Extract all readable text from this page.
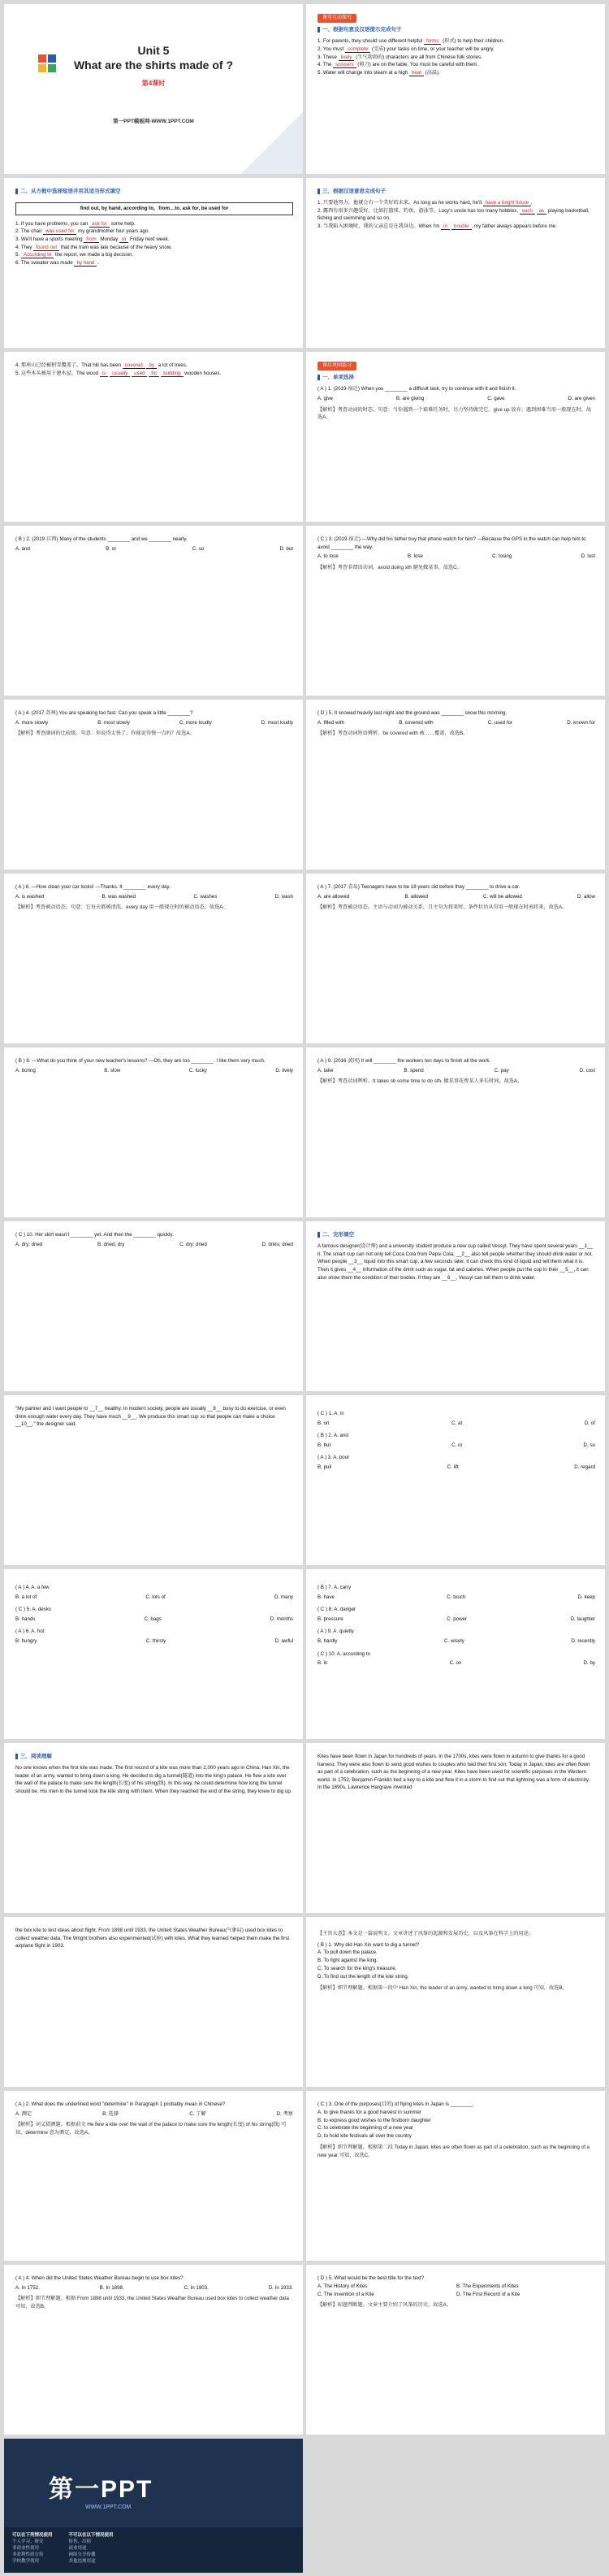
Unit 5
What are the shirts made of ?
第4课时
第一PPT模板网-WWW.1PPT.COM
课堂互动探究
一、根据句意及汉语提示完成句子
1. For parents, they should use different helpful forms (形式) to help their children.
2. You must complete (完成) your tasks on time, or your teacher will be angry.
3. These lively (生气勃勃的) characters are all from Chinese folk stories.
4. The scissors (剪刀) are on the table. You must be careful with them.
5. Water will change into steam at a high heat (高温).
二、从方框中选择短语并用其适当形式填空
find out, by hand, according to，from…to, ask for, be used for
1. If you have problems, you can ask for some help.
2. The chair was used for my grandmother four years ago.
3. We'll have a sports meeting from Monday to Friday next week.
4. They found out that the train was late because of the heavy snow.
5. According to the report, we made a big decision.
6. The sweater was made by hand .
三、根据汉语意思完成句子
1. 只要他努力，他就会有一个美好的未来。As long as he works hard, he'll have a bright future .
2. 露西有很多兴趣爱好，比如打篮球、钓鱼、游泳等。Lucy's uncle has too many hobbies, such as playing basketball, fishing and swimming and so on.
3. 当我陷入困境时，我的父亲总是在我身边。When I'm in trouble , my father always appears before me.
4. 那座山已经被积雪覆盖了。That hill has been covered by a lot of trees.
5. 这些木头被用于建木屋。The wood is usually used for building wooden houses.
课后巩固练习
一、单项选择
( A ) 1. (2019·宿迁) When you ________ a difficult task, try to continue with it and finish it.
A. give	B. are giving	C. gave	D. are given
【解析】考查动词的时态。句意：当你遇到一个艰难任务时，尽力坚持做完它。give up 放弃；遇到困难当用一般现在时，故选A。
( B ) 2. (2019·江西) Many of the students ________ and we ________ nearly.
A. and	B. or	C. so	D. but
( C ) 3. (2019·宿迁) —Why did his father buy that phone watch for him? —Because the GPS in the watch can help him to avoid ________ the way.
A. to lose	B. lose	C. losing	D. lost
【解析】考查非谓语动词。avoid doing sth 避免做某事，故选C。
( A ) 4. (2017·苏州) You are speaking too fast. Can you speak a little ________?
A. more slowly	B. most slowly	C. more loudly	D. most loudly
【解析】考查副词的比较级。句意：你说得太快了，你能说得慢一点吗？故选A。
( D ) 5. It snowed heavily last night and the ground was ________ snow this morning.
A. filled with	B. covered with	C. used for	D. known for
【解析】考查动词短语辨析。be covered with 被……覆盖，故选B。
( A ) 6. —How clean your car looks! —Thanks. It ________ every day.
A. is washed	B. was washed	C. washes	D. wash
【解析】考查被动语态。句意：它每天都被清洗。every day 用一般现在时的被动语态，故选A。
( A ) 7. (2017·青岛) Teenagers have to be 18 years old before they ________ to drive a car.
A. are allowed	B. allowed	C. will be allowed	D. allow
【解析】考查被动语态。主语与动词为被动关系，且主句为将来时，条件状语从句用一般现在时表将来，故选A。
( B ) 8. —What do you think of your new teacher's lessons? —Oh, they are too ________. I like them very much.
A. boring	B. slow	C. lucky	D. lively
( A ) 9. (2016·黄冈) It will ________ the workers ten days to finish all the work.
A. take	B. spend	C. pay	D. cost
【解析】考查动词辨析。It takes sb some time to do sth. 做某事花费某人多长时间，故选A。
( C ) 10. Her skirt wasn't ________ yet. And then the ________ quickly.
A. dry; dried	B. dried; dry	C. dry; dried	D. dries; dried
二、完形填空
A famous designer(设计师) and a university student produce a new cup called Vessyl. They have spent several years __1__ it. The smart cup can not only tell Coca Cola from Pepsi Cola, __2__ also tell people whether they should drink water or not. When people __3__ liquid into this smart cup, a few seconds later, it can check this kind of liquid and tell them what it is. Then it gives __4__ information of the drink such as sugar, fat and calories. When people put the cup in their __5__, it can also show them the condition of their bodies. If they are __6__, Vessyl can tell them to drink water.
"My partner and I want people to __7__ healthy. In modern society, people are usually __8__ busy to do exercise, or even drink enough water every day. They have much __9__. We produce this smart cup so that people can make a choice __10__," the designer said.
( C ) 1. A. in
B. on	C. at	D. of
( B ) 2. A. and
B. but	C. or	D. so
( A ) 3. A. pour
B. pull	C. lift	D. regard
( A ) 4. A. a few
B. a lot of	C. lots of	D. many
( C ) 5. A. desks
B. hands	C. bags	D. months
( A ) 6. A. hot
B. hungry	C. thirsty	D. awful
( B ) 7. A. carry
B. have	C. touch	D. keep
( C ) 8. A. danger
B. pressure	C. power	D. laughter
( A ) 9. A. quietly
B. hardly	C. wisely	D. recently
( C ) 10. A. according to
B. in	C. on	D. by
三、阅读理解
No one knows when the first kite was made. The first record of a kite was more than 2,000 years ago in China. Han Xin, the leader of an army, wanted to bring down a king. He decided to dig a tunnel(隧道) into the king's palace. He flew a kite over the wall of the palace to make sure the length(长度) of his string(线). In this way, he could determine how long the tunnel should be. His men in the tunnel took the kite string with them. When they reached the end of the string, they knew to dig up.
Kites have been flown in Japan for hundreds of years. In the 1700s, kites were flown in autumn to give thanks for a good harvest. They were also flown to send good wishes to couples who had their first son. Today in Japan, kites are often flown as part of a celebration, such as the beginning of a new year. Kites have been used for scientific purposes in the Western world. In 1752, Benjamin Franklin tied a key to a kite and flew it in a storm to find out that lightning was a form of electricity. In the 1890s, Lawrence Hargrave invented
the box kite to test ideas about flight. From 1898 until 1933, the United States Weather Bureau(气象局) used box kites to collect weather data. The Wright brothers also experimented(试验) with kites. What they learned helped them make the first airplane flight in 1903.
【主旨大意】本文是一篇说明文。文章讲述了风筝的起源和发展历史，以及风筝在科学上的用途。
( B ) 1. Why did Han Xin want to dig a tunnel?
A. To pull down the palace.
B. To fight against the king.
C. To search for the king's treasure.
D. To find out the length of the kite string.
【解析】细节理解题。根据第一段中 Han Xin, the leader of an army, wanted to bring down a king 可知，故选B。
( A ) 2. What does the underlined word "determine" in Paragraph 1 probably mean in Chinese?
A. 测定	B. 选择	C. 了解	D. 考察
【解析】词义猜测题。根据前文 He flew a kite over the wall of the palace to make sure the length(长度) of his string(线) 可知，determine 意为测定，故选A。
( C ) 3. One of the purposes(目的) of flying kites in Japan is ________.
A. to give thanks for a good harvest in summer
B. to express good wishes to the firstborn daughter
C. to celebrate the beginning of a new year
D. to hold kite festivals all over the country
【解析】细节理解题。根据第二段 Today in Japan, kites are often flown as part of a celebration, such as the beginning of a new year 可知，故选C。
( A ) 4. When did the United States Weather Bureau begin to use box kites?
A. In 1752.	B. In 1898.	C. In 1903.	D. In 1933.
【解析】细节理解题。根据 From 1898 until 1933, the United States Weather Bureau used box kites to collect weather data 可知，故选B。
( D ) 5. What would be the best title for the text?
A. The History of Kites	B. The Experiments of Kites
C. The Invention of a Kite	D. The First Record of a Kite
【解析】标题判断题。文章主要介绍了风筝的历史，故选A。
第一PPT
WWW.1PPT.COM
可以在下列情况使用
个人学习、研究
非商业性使用
非盈利性质宣传
学校教学使用
不可以在以下情况使用
转售、出租
商业用途
网络分享传播
其他违规用途
